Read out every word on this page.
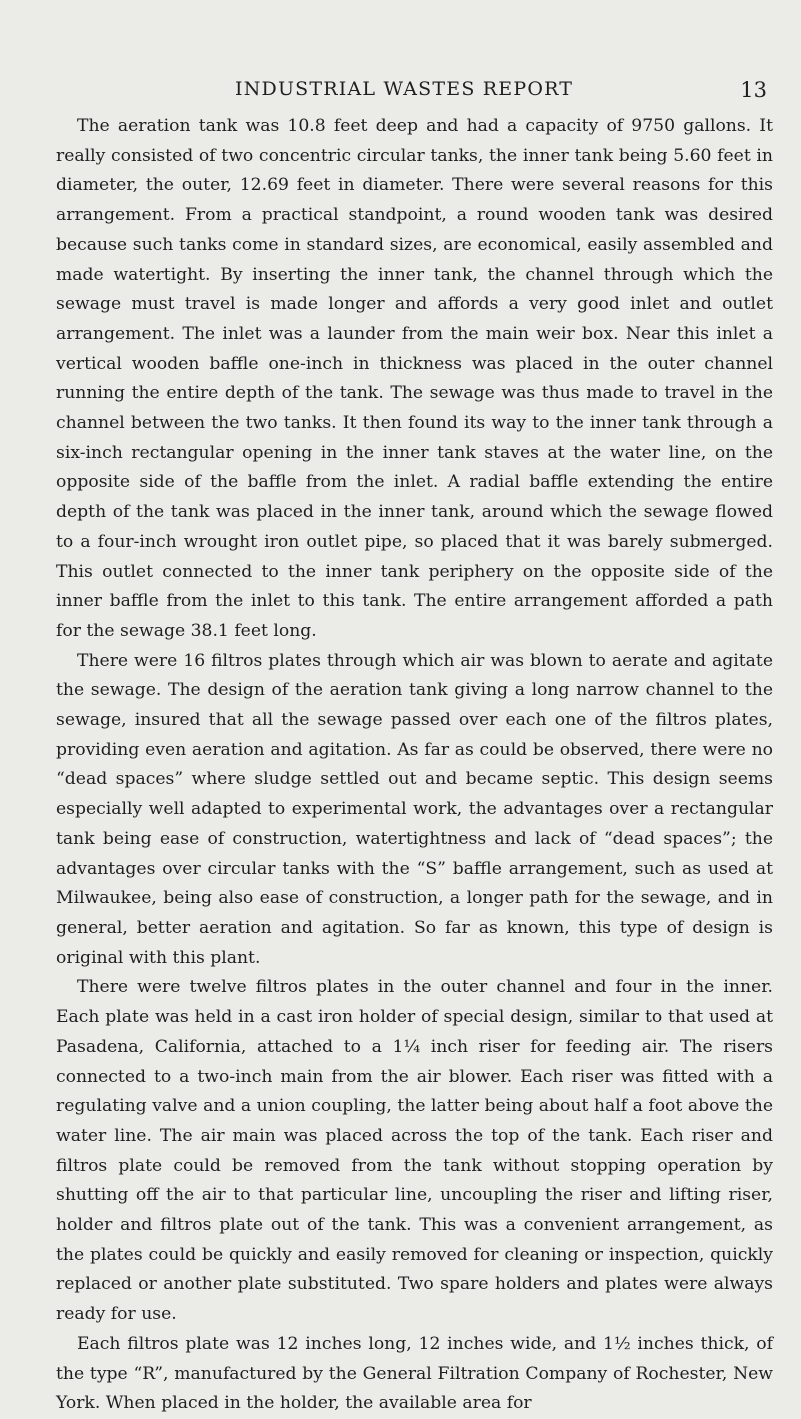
INDUSTRIAL WASTES REPORT	13

The aeration tank was 10.8 feet deep and had a capacity of 9750 gallons. It really consisted of two concentric circular tanks, the inner tank being 5.60 feet in diameter, the outer, 12.69 feet in diameter. There were several reasons for this arrangement. From a practical standpoint, a round wooden tank was desired because such tanks come in standard sizes, are economical, easily assembled and made watertight. By inserting the inner tank, the channel through which the sewage must travel is made longer and affords a very good inlet and outlet arrangement. The inlet was a launder from the main weir box. Near this inlet a vertical wooden baffle one-inch in thickness was placed in the outer channel running the entire depth of the tank. The sewage was thus made to travel in the channel between the two tanks. It then found its way to the inner tank through a six-inch rectangular opening in the inner tank staves at the water line, on the opposite side of the baffle from the inlet. A radial baffle extending the entire depth of the tank was placed in the inner tank, around which the sewage flowed to a four-inch wrought iron outlet pipe, so placed that it was barely submerged. This outlet connected to the inner tank periphery on the opposite side of the inner baffle from the inlet to this tank. The entire arrangement afforded a path for the sewage 38.1 feet long.

There were 16 filtros plates through which air was blown to aerate and agitate the sewage. The design of the aeration tank giving a long narrow channel to the sewage, insured that all the sewage passed over each one of the filtros plates, providing even aeration and agitation. As far as could be observed, there were no “dead spaces” where sludge settled out and became septic. This design seems especially well adapted to experimental work, the advantages over a rectangular tank being ease of construction, watertightness and lack of “dead spaces”; the advantages over circular tanks with the “S” baffle arrangement, such as used at Milwaukee, being also ease of construction, a longer path for the sewage, and in general, better aeration and agitation. So far as known, this type of design is original with this plant.

There were twelve filtros plates in the outer channel and four in the inner. Each plate was held in a cast iron holder of special design, similar to that used at Pasadena, California, attached to a 1¼ inch riser for feeding air. The risers connected to a two-inch main from the air blower. Each riser was fitted with a regulating valve and a union coupling, the latter being about half a foot above the water line. The air main was placed across the top of the tank. Each riser and filtros plate could be removed from the tank without stopping operation by shutting off the air to that particular line, uncoupling the riser and lifting riser, holder and filtros plate out of the tank. This was a convenient arrangement, as the plates could be quickly and easily removed for cleaning or inspection, quickly replaced or another plate substituted. Two spare holders and plates were always ready for use.

Each filtros plate was 12 inches long, 12 inches wide, and 1½ inches thick, of the type “R”, manufactured by the General Filtration Company of Rochester, New York. When placed in the holder, the available area for
